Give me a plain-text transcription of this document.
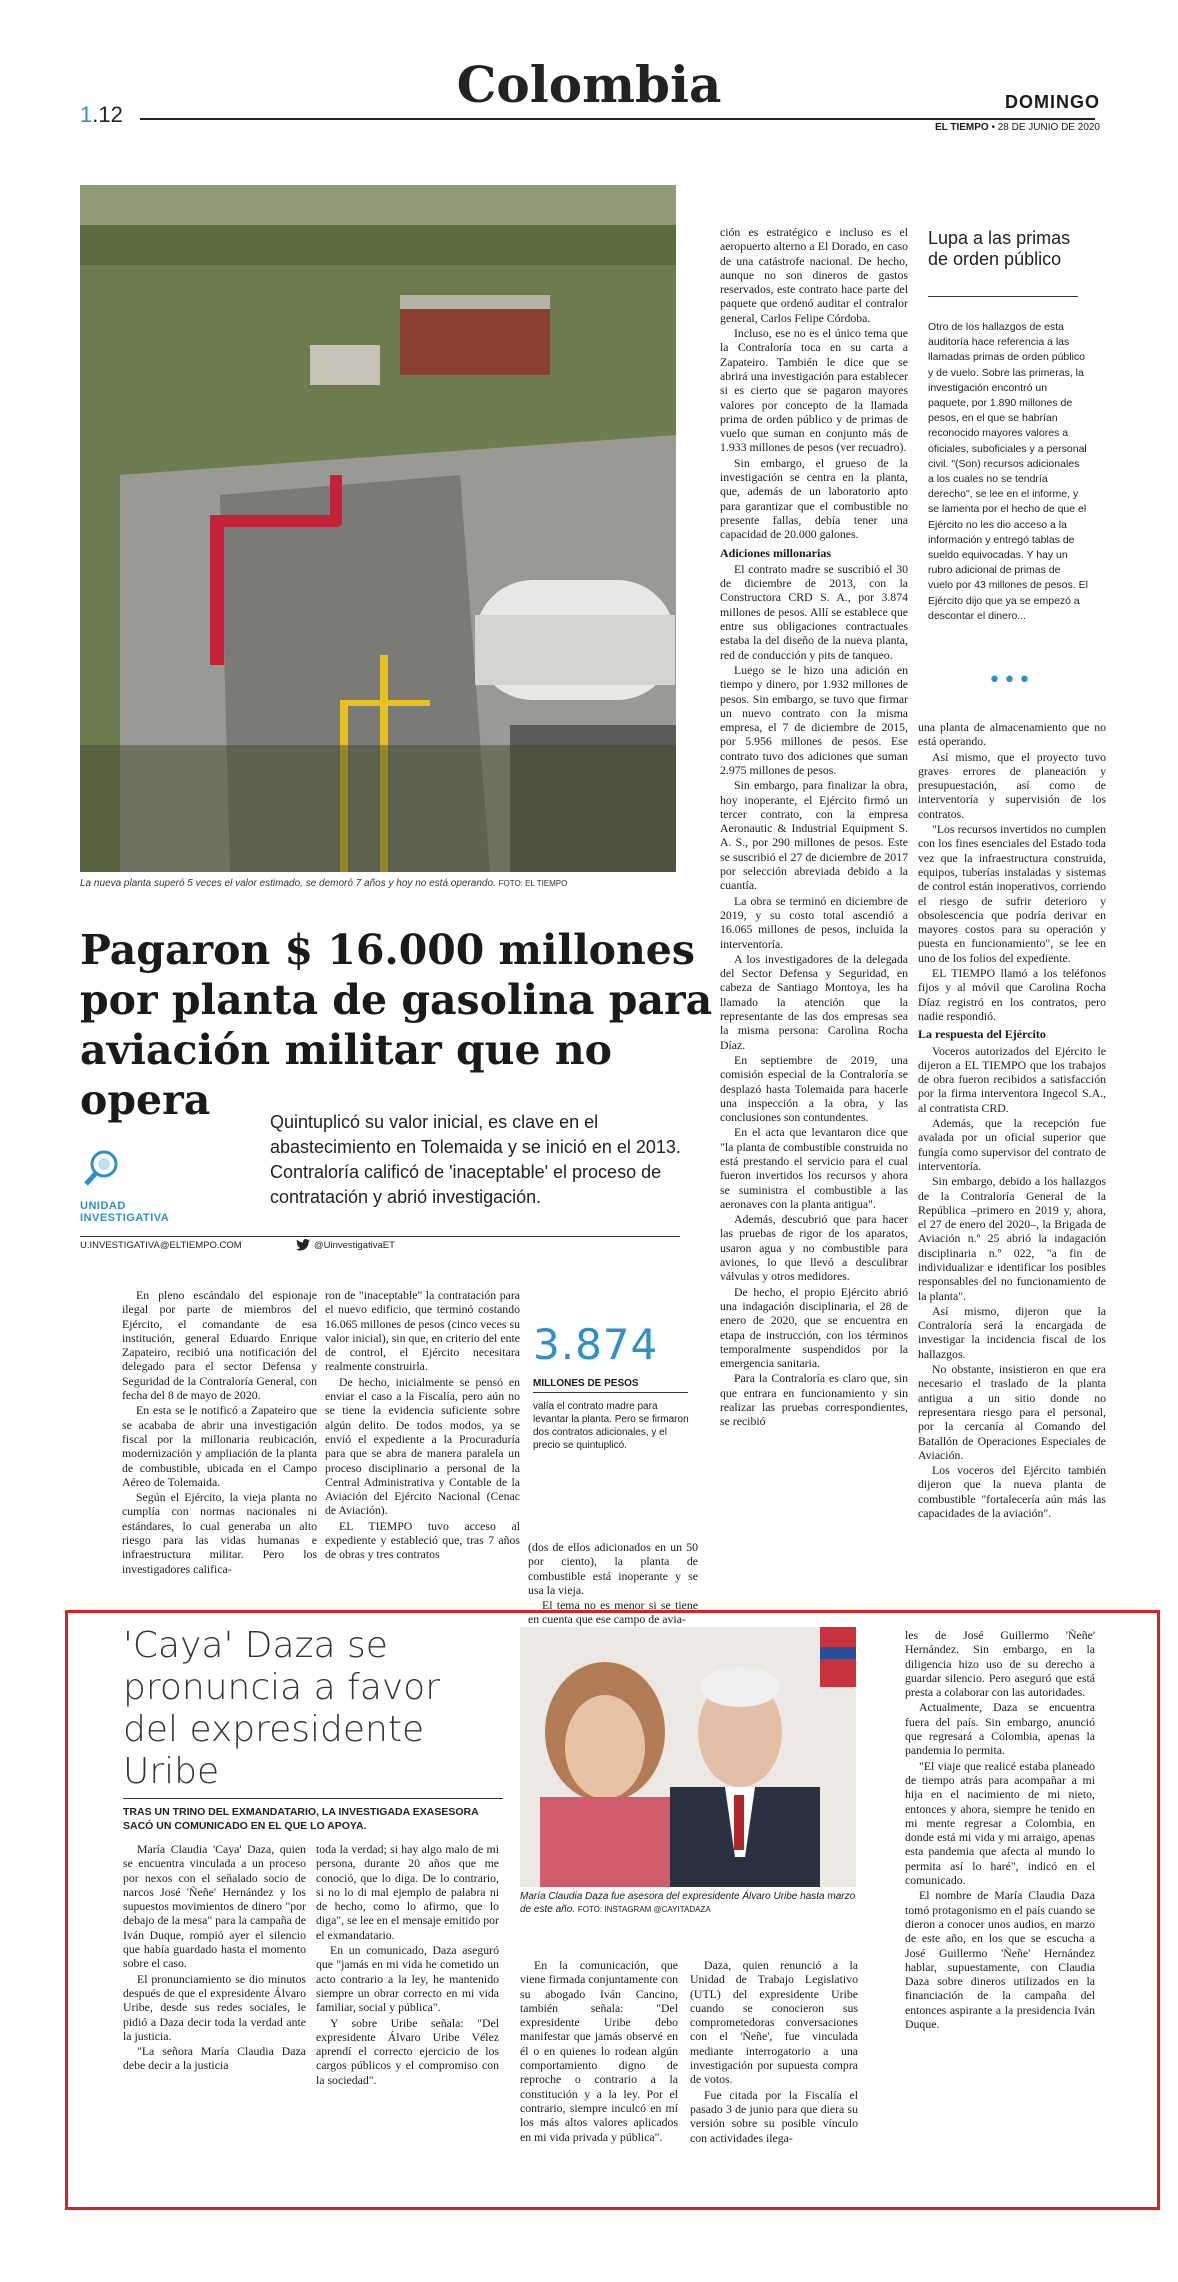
Colombia
1.12	DOMINGO
EL TIEMPO • 28 DE JUNIO DE 2020
La nueva planta superó 5 veces el valor estimado, se demoró 7 años y hoy no está operando. FOTO: EL TIEMPO
Pagaron $ 16.000 millones por planta de gasolina para aviación militar que no opera	Quintuplicó su valor inicial, es clave en el abastecimiento en Tolemaida y se inició en el 2013. Contraloría calificó de 'inaceptable' el proceso de contratación y abrió investigación.
UNIDAD INVESTIGATIVA
U.INVESTIGATIVA@ELTIEMPO.COM	@UinvestigativaET

En pleno escándalo del espionaje ilegal por parte de miembros del Ejército, el comandante de esa institución, general Eduardo Enrique Zapateiro, recibió una notificación del delegado para el sector Defensa y Seguridad de la Contraloría General, con fecha del 8 de mayo de 2020.

En esta se le notificó a Zapateiro que se acababa de abrir una investigación fiscal por la millonaria reubicación, modernización y ampliación de la planta de combustible, ubicada en el Campo Aéreo de Tolemaida.

Según el Ejército, la vieja planta no cumplía con normas nacionales ni estándares, lo cual generaba un alto riesgo para las vidas humanas e infraestructura militar. Pero los investigadores califica-

ron de "inaceptable" la contratación para el nuevo edificio, que terminó costando 16.065 millones de pesos (cinco veces su valor inicial), sin que, en criterio del ente de control, el Ejército necesitara realmente construirla.

De hecho, inicialmente se pensó en enviar el caso a la Fiscalía, pero aún no se tiene la evidencia suficiente sobre algún delito. De todos modos, ya se envió el expediente a la Procuraduría para que se abra de manera paralela un proceso disciplinario a personal de la Central Administrativa y Contable de la Aviación del Ejército Nacional (Cenac de Aviación).

EL TIEMPO tuvo acceso al expediente y estableció que, tras 7 años de obras y tres contratos

3.874
MILLONES DE PESOS
valía el contrato madre para levantar la planta. Pero se firmaron dos contratos adicionales, y el precio se quintuplicó.

(dos de ellos adicionados en un 50 por ciento), la planta de combustible está inoperante y se usa la vieja.

El tema no es menor si se tiene en cuenta que ese campo de avia-

ción es estratégico e incluso es el aeropuerto alterno a El Dorado, en caso de una catástrofe nacional. De hecho, aunque no son dineros de gastos reservados, este contrato hace parte del paquete que ordenó auditar el contralor general, Carlos Felipe Córdoba.

Incluso, ese no es el único tema que la Contraloría toca en su carta a Zapateiro. También le dice que se abrirá una investigación para establecer si es cierto que se pagaron mayores valores por concepto de la llamada prima de orden público y de primas de vuelo que suman en conjunto más de 1.933 millones de pesos (ver recuadro).

Sin embargo, el grueso de la investigación se centra en la planta, que, además de un laboratorio apto para garantizar que el combustible no presente fallas, debía tener una capacidad de 20.000 galones.

Adiciones millonarias

El contrato madre se suscribió el 30 de diciembre de 2013, con la Constructora CRD S. A., por 3.874 millones de pesos. Allí se establece que entre sus obligaciones contractuales estaba la del diseño de la nueva planta, red de conducción y pits de tanqueo.

Luego se le hizo una adición en tiempo y dinero, por 1.932 millones de pesos. Sin embargo, se tuvo que firmar un nuevo contrato con la misma empresa, el 7 de diciembre de 2015, por 5.956 millones de pesos. Ese contrato tuvo dos adiciones que suman 2.975 millones de pesos.

Sin embargo, para finalizar la obra, hoy inoperante, el Ejército firmó un tercer contrato, con la empresa Aeronautic & Industrial Equipment S. A. S., por 290 millones de pesos. Este se suscribió el 27 de diciembre de 2017 por selección abreviada debido a la cuantía.

La obra se terminó en diciembre de 2019, y su costo total ascendió a 16.065 millones de pesos, incluida la interventoría.

A los investigadores de la delegada del Sector Defensa y Seguridad, en cabeza de Santiago Montoya, les ha llamado la atención que la representante de las dos empresas sea la misma persona: Carolina Rocha Díaz.

En septiembre de 2019, una comisión especial de la Contraloría se desplazó hasta Tolemaida para hacerle una inspección a la obra, y las conclusiones son contundentes.

En el acta que levantaron dice que "la planta de combustible construida no está prestando el servicio para el cual fueron invertidos los recursos y ahora se suministra el combustible a las aeronaves con la planta antigua".

Además, descubrió que para hacer las pruebas de rigor de los aparatos, usaron agua y no combustible para aviones, lo que llevó a desculibrar válvulas y otros medidores.

De hecho, el propio Ejército abrió una indagación disciplinaria, el 28 de enero de 2020, que se encuentra en etapa de instrucción, con los términos temporalmente suspendidos por la emergencia sanitaria.

Para la Contraloría es claro que, sin que entrara en funcionamiento y sin realizar las pruebas correspondientes, se recibió

Lupa a las primas de orden público
Otro de los hallazgos de esta auditoría hace referencia a las llamadas primas de orden público y de vuelo. Sobre las primeras, la investigación encontró un paquete, por 1.890 millones de pesos, en el que se habrían reconocido mayores valores a oficiales, suboficiales y a personal civil. "(Son) recursos adicionales a los cuales no se tendría derecho", se lee en el informe, y se lamenta por el hecho de que el Ejército no les dio acceso a la información y entregó tablas de sueldo equivocadas. Y hay un rubro adicional de primas de vuelo por 43 millones de pesos. El Ejército dijo que ya se empezó a descontar el dinero...
•••

una planta de almacenamiento que no está operando.

Así mismo, que el proyecto tuvo graves errores de planeación y presupuestación, así como de interventoría y supervisión de los contratos.

"Los recursos invertidos no cumplen con los fines esenciales del Estado toda vez que la infraestructura construida, equipos, tuberías instaladas y sistemas de control están inoperativos, corriendo el riesgo de sufrir deterioro y obsolescencia que podría derivar en mayores costos para su operación y puesta en funcionamiento", se lee en uno de los folios del expediente.

EL TIEMPO llamó a los teléfonos fijos y al móvil que Carolina Rocha Díaz registró en los contratos, pero nadie respondió.

La respuesta del Ejército

Voceros autorizados del Ejército le dijeron a EL TIEMPO que los trabajos de obra fueron recibidos a satisfacción por la firma interventora Ingecol S.A., al contratista CRD.

Además, que la recepción fue avalada por un oficial superior que fungía como supervisor del contrato de interventoría.

Sin embargo, debido a los hallazgos de la Contraloría General de la República –primero en 2019 y, ahora, el 27 de enero del 2020–, la Brigada de Aviación n.º 25 abrió la indagación disciplinaria n.º 022, "a fin de individualizar e identificar los posibles responsables del no funcionamiento de la planta".

Así mismo, dijeron que la Contraloría será la encargada de investigar la incidencia fiscal de los hallazgos.

No obstante, insistieron en que era necesario el traslado de la planta antigua a un sitio donde no representara riesgo para el personal, por la cercanía al Comando del Batallón de Operaciones Especiales de Aviación.

Los voceros del Ejército también dijeron que la nueva planta de combustible "fortalecería aún más las capacidades de la aviación".

'Caya' Daza se pronuncia a favor del expresidente Uribe
TRAS UN TRINO DEL EXMANDATARIO, LA INVESTIGADA EXASESORA SACÓ UN COMUNICADO EN EL QUE LO APOYA.
María Claudia Daza fue asesora del expresidente Álvaro Uribe hasta marzo de este año. FOTO: INSTAGRAM @CAYITADAZA

María Claudia 'Caya' Daza, quien se encuentra vinculada a un proceso por nexos con el señalado socio de narcos José 'Ñeñe' Hernández y los supuestos movimientos de dinero "por debajo de la mesa" para la campaña de Iván Duque, rompió ayer el silencio que había guardado hasta el momento sobre el caso.

El pronunciamiento se dio minutos después de que el expresidente Álvaro Uribe, desde sus redes sociales, le pidió a Daza decir toda la verdad ante la justicia.

"La señora María Claudia Daza debe decir a la justicia

toda la verdad; si hay algo malo de mi persona, durante 20 años que me conoció, que lo diga. De lo contrario, si no lo di mal ejemplo de palabra ni de hecho, como lo afirmo, que lo diga", se lee en el mensaje emitido por el exmandatario.

En un comunicado, Daza aseguró que "jamás en mi vida he cometido un acto contrario a la ley, he mantenido siempre un obrar correcto en mi vida familiar, social y pública".

Y sobre Uribe señala: "Del expresidente Álvaro Uribe Vélez aprendí el correcto ejercicio de los cargos públicos y el compromiso con la sociedad".

En la comunicación, que viene firmada conjuntamente con su abogado Iván Cancino, también señala: "Del expresidente Uribe debo manifestar que jamás observé en él o en quienes lo rodean algún comportamiento digno de reproche o contrario a la constitución y a la ley. Por el contrario, siempre inculcó en mí los más altos valores aplicados en mi vida privada y pública".

Daza, quien renunció a la Unidad de Trabajo Legislativo (UTL) del expresidente Uribe cuando se conocieron sus comprometedoras conversaciones con el 'Ñeñe', fue vinculada mediante interrogatorio a una investigación por supuesta compra de votos.

Fue citada por la Fiscalía el pasado 3 de junio para que diera su versión sobre su posible vínculo con actividades ilega-

les de José Guillermo 'Ñeñe' Hernández. Sin embargo, en la diligencia hizo uso de su derecho a guardar silencio. Pero aseguró que está presta a colaborar con las autoridades.

Actualmente, Daza se encuentra fuera del país. Sin embargo, anunció que regresará a Colombia, apenas la pandemia lo permita.

"El viaje que realicé estaba planeado de tiempo atrás para acompañar a mi hija en el nacimiento de mi nieto, entonces y ahora, siempre he tenido en mi mente regresar a Colombia, en donde está mi vida y mi arraigo, apenas esta pandemia que afecta al mundo lo permita así lo haré", indicó en el comunicado.

El nombre de María Claudia Daza tomó protagonismo en el país cuando se dieron a conocer unos audios, en marzo de este año, en los que se escucha a José Guillermo 'Ñeñe' Hernández hablar, supuestamente, con Claudia Daza sobre dineros utilizados en la financiación de la campaña del entonces aspirante a la presidencia Iván Duque.
